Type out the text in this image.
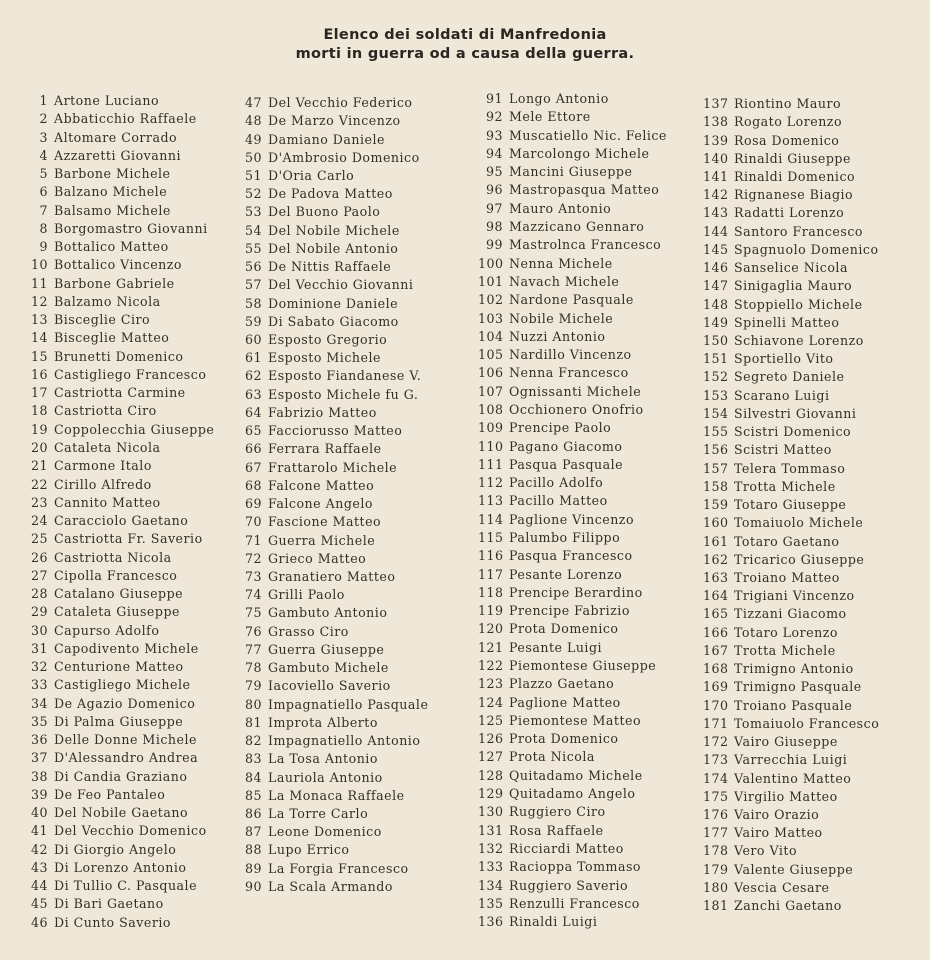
Elenco dei soldati di Manfredonia
morti in guerra od a causa della guerra.
1 Artone Luciano
2 Abbaticchio Raffaele
3 Altomare Corrado
4 Azzaretti Giovanni
5 Barbone Michele
6 Balzano Michele
7 Balsamo Michele
8 Borgomastro Giovanni
9 Bottalico Matteo
10 Bottalico Vincenzo
11 Barbone Gabriele
12 Balzamo Nicola
13 Bisceglie Ciro
14 Bisceglie Matteo
15 Brunetti Domenico
16 Castigliego Francesco
17 Castriotta Carmine
18 Castriotta Ciro
19 Coppolecchia Giuseppe
20 Cataleta Nicola
21 Carmone Italo
22 Cirillo Alfredo
23 Cannito Matteo
24 Caracciolo Gaetano
25 Castriotta Fr. Saverio
26 Castriotta Nicola
27 Cipolla Francesco
28 Catalano Giuseppe
29 Cataleta Giuseppe
30 Capurso Adolfo
31 Capodivento Michele
32 Centurione Matteo
33 Castigliego Michele
34 De Agazio Domenico
35 Di Palma Giuseppe
36 Delle Donne Michele
37 D'Alessandro Andrea
38 Di Candia Graziano
39 De Feo Pantaleo
40 Del Nobile Gaetano
41 Del Vecchio Domenico
42 Di Giorgio Angelo
43 Di Lorenzo Antonio
44 Di Tullio C. Pasquale
45 Di Bari Gaetano
46 Di Cunto Saverio
47 Del Vecchio Federico
48 De Marzo Vincenzo
49 Damiano Daniele
50 D'Ambrosio Domenico
51 D'Oria Carlo
52 De Padova Matteo
53 Del Buono Paolo
54 Del Nobile Michele
55 Del Nobile Antonio
56 De Nittis Raffaele
57 Del Vecchio Giovanni
58 Dominione Daniele
59 Di Sabato Giacomo
60 Esposto Gregorio
61 Esposto Michele
62 Esposto Fiandanese V.
63 Esposto Michele fu G.
64 Fabrizio Matteo
65 Facciorusso Matteo
66 Ferrara Raffaele
67 Frattarolo Michele
68 Falcone Matteo
69 Falcone Angelo
70 Fascione Matteo
71 Guerra Michele
72 Grieco Matteo
73 Granatiero Matteo
74 Grilli Paolo
75 Gambuto Antonio
76 Grasso Ciro
77 Guerra Giuseppe
78 Gambuto Michele
79 Iacoviello Saverio
80 Impagnatiello Pasquale
81 Improta Alberto
82 Impagnatiello Antonio
83 La Tosa Antonio
84 Lauriola Antonio
85 La Monaca Raffaele
86 La Torre Carlo
87 Leone Domenico
88 Lupo Errico
89 La Forgia Francesco
90 La Scala Armando
91 Longo Antonio
92 Mele Ettore
93 Muscatiello Nic. Felice
94 Marcolongo Michele
95 Mancini Giuseppe
96 Mastropasqua Matteo
97 Mauro Antonio
98 Mazzicano Gennaro
99 Mastrolnca Francesco
100 Nenna Michele
101 Navach Michele
102 Nardone Pasquale
103 Nobile Michele
104 Nuzzi Antonio
105 Nardillo Vincenzo
106 Nenna Francesco
107 Ognissanti Michele
108 Occhionero Onofrio
109 Prencipe Paolo
110 Pagano Giacomo
111 Pasqua Pasquale
112 Pacillo Adolfo
113 Pacillo Matteo
114 Paglione Vincenzo
115 Palumbo Filippo
116 Pasqua Francesco
117 Pesante Lorenzo
118 Prencipe Berardino
119 Prencipe Fabrizio
120 Prota Domenico
121 Pesante Luigi
122 Piemontese Giuseppe
123 Plazzo Gaetano
124 Paglione Matteo
125 Piemontese Matteo
126 Prota Domenico
127 Prota Nicola
128 Quitadamo Michele
129 Quitadamo Angelo
130 Ruggiero Ciro
131 Rosa Raffaele
132 Ricciardi Matteo
133 Racioppa Tommaso
134 Ruggiero Saverio
135 Renzulli Francesco
136 Rinaldi Luigi
137 Riontino Mauro
138 Rogato Lorenzo
139 Rosa Domenico
140 Rinaldi Giuseppe
141 Rinaldi Domenico
142 Rignanese Biagio
143 Radatti Lorenzo
144 Santoro Francesco
145 Spagnuolo Domenico
146 Sanselice Nicola
147 Sinigaglia Mauro
148 Stoppiello Michele
149 Spinelli Matteo
150 Schiavone Lorenzo
151 Sportiello Vito
152 Segreto Daniele
153 Scarano Luigi
154 Silvestri Giovanni
155 Scistri Domenico
156 Scistri Matteo
157 Telera Tommaso
158 Trotta Michele
159 Totaro Giuseppe
160 Tomaiuolo Michele
161 Totaro Gaetano
162 Tricarico Giuseppe
163 Troiano Matteo
164 Trigiani Vincenzo
165 Tizzani Giacomo
166 Totaro Lorenzo
167 Trotta Michele
168 Trimigno Antonio
169 Trimigno Pasquale
170 Troiano Pasquale
171 Tomaiuolo Francesco
172 Vairo Giuseppe
173 Varrecchia Luigi
174 Valentino Matteo
175 Virgilio Matteo
176 Vairo Orazio
177 Vairo Matteo
178 Vero Vito
179 Valente Giuseppe
180 Vescia Cesare
181 Zanchi Gaetano
